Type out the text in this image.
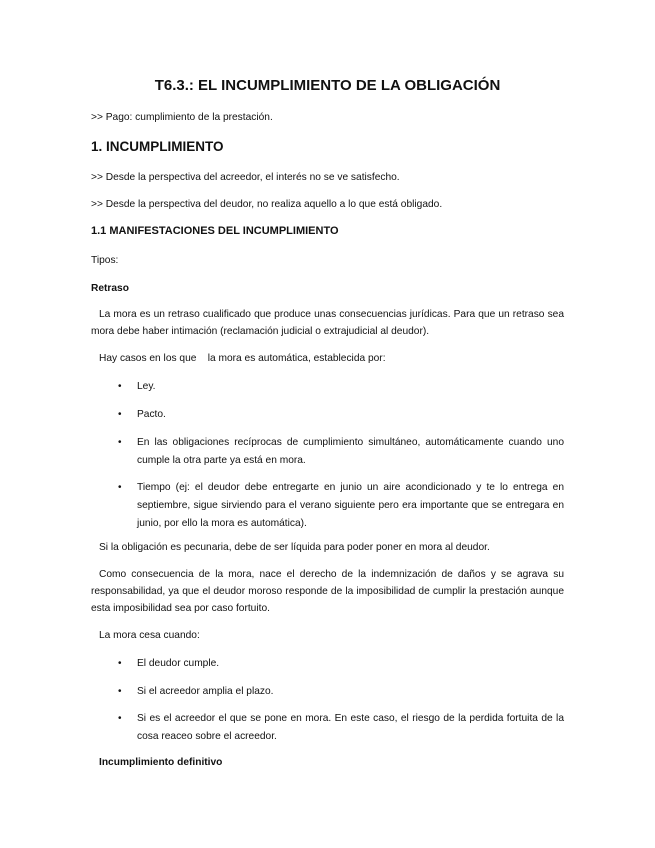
T6.3.: EL INCUMPLIMIENTO DE LA OBLIGACIÓN

>> Pago: cumplimiento de la prestación.

1. INCUMPLIMIENTO

>> Desde la perspectiva del acreedor, el interés no se ve satisfecho.

>> Desde la perspectiva del deudor, no realiza aquello a lo que está obligado.

1.1 MANIFESTACIONES DEL INCUMPLIMIENTO

Tipos:

Retraso

La mora es un retraso cualificado que produce unas consecuencias jurídicas. Para que un retraso sea mora debe haber intimación (reclamación judicial o extrajudicial al deudor).

Hay casos en los que    la mora es automática, establecida por:

•	Ley.

•	Pacto.

•	En las obligaciones recíprocas de cumplimiento simultáneo, automáticamente cuando uno cumple la otra parte ya está en mora.

•	Tiempo (ej: el deudor debe entregarte en junio un aire acondicionado y te lo entrega en septiembre, sigue sirviendo para el verano siguiente pero era importante que se entregara en junio, por ello la mora es automática).

Si la obligación es pecunaria, debe de ser líquida para poder poner en mora al deudor.

Como consecuencia de la mora, nace el derecho de la indemnización de daños y se agrava su responsabilidad, ya que el deudor moroso responde de la imposibilidad de cumplir la prestación aunque esta imposibilidad sea por caso fortuito.

La mora cesa cuando:

•	El deudor cumple.

•	Si el acreedor amplia el plazo.

•	Si es el acreedor el que se pone en mora. En este caso, el riesgo de la perdida fortuita de la cosa reaceo sobre el acreedor.

Incumplimiento definitivo
